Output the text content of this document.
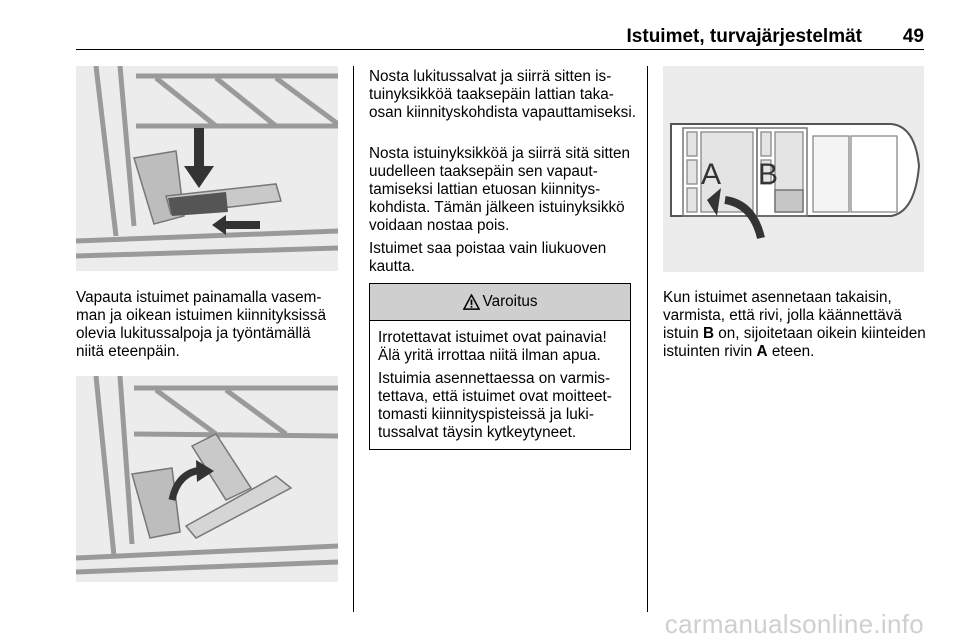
Istuimet, turvajärjestelmät 49

Vapauta istuimet painamalla vasemman ja oikean istuimen kiinnityksissä olevia lukitussalpoja ja työntämällä niitä eteenpäin.

Nosta lukitussalvat ja siirrä sitten istuinyksikköä taaksepäin lattian takaosan kiinnityskohdista vapauttamiseksi.

Nosta istuinyksikköä ja siirrä sitä sitten uudelleen taaksepäin sen vapauttamiseksi lattian etuosan kiinnityskohdista. Tämän jälkeen istuinyksikkö voidaan nostaa pois.

Istuimet saa poistaa vain liukuoven kautta.

Varoitus

Irrotettavat istuimet ovat painavia! Älä yritä irrottaa niitä ilman apua.

Istuimia asennettaessa on varmistettava, että istuimet ovat moitteettomasti kiinnityspisteissä ja lukitussalvat täysin kytkeytyneet.

A B

Kun istuimet asennetaan takaisin, varmista, että rivi, jolla käännettävä istuin B on, sijoitetaan oikein kiinteiden istuinten rivin A eteen.

carmanualsonline.info
